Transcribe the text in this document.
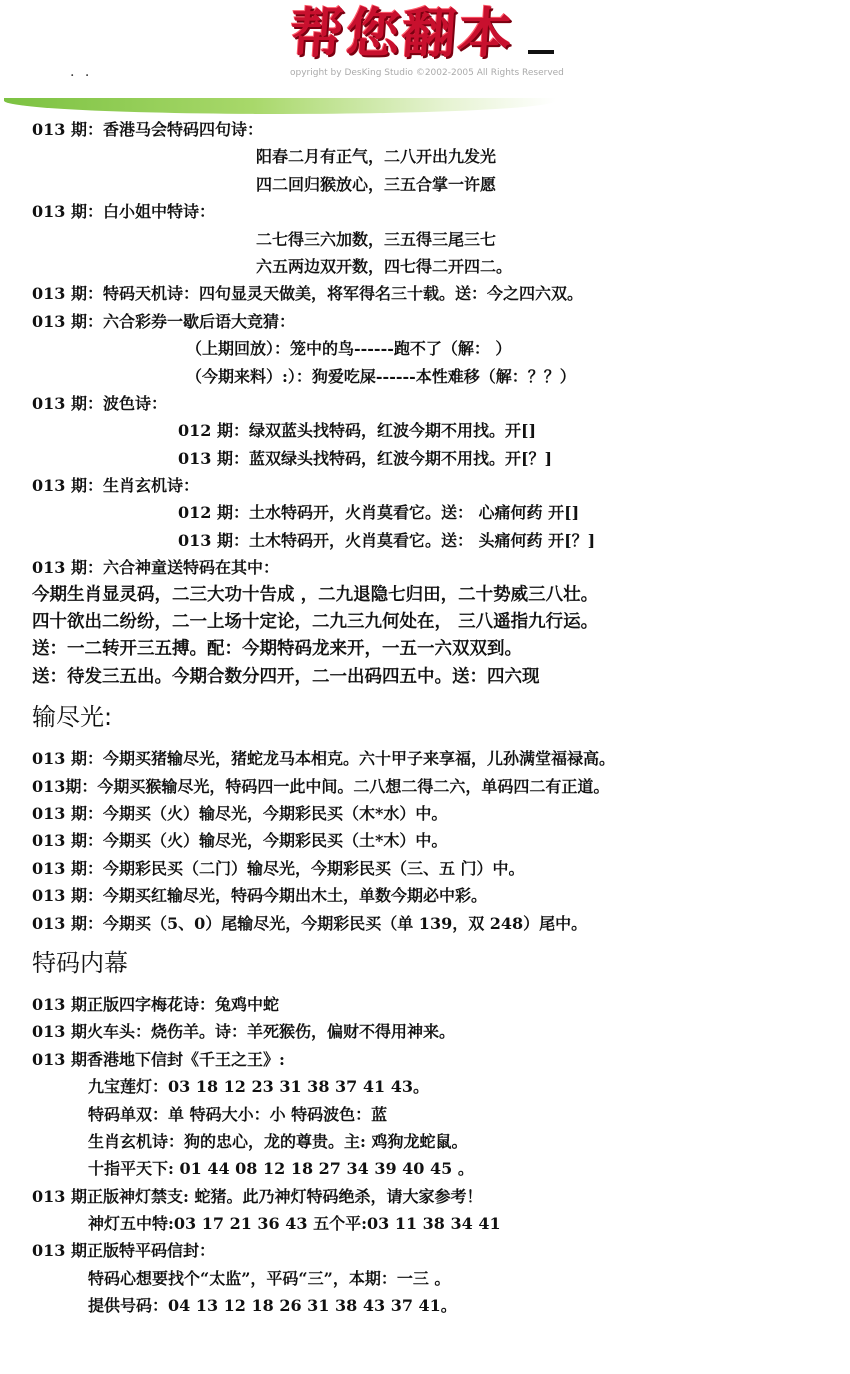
帮您翻本
opyright by DesKing Studio ©2002-2005 All Rights Reserved
. .
013 期：香港马会特码四句诗：
阳春二月有正气，二八开出九发光
四二回归猴放心，三五合掌一许愿
013 期：白小姐中特诗：
二七得三六加数，三五得三尾三七
六五两边双开数，四七得二开四二。
013 期：特码天机诗：四句显灵天做美，将军得名三十载。送：今之四六双。
013 期：六合彩券一歇后语大竞猜：
（上期回放）：笼中的鸟------跑不了（解： ）
（今期来料）:）：狗爱吃屎------本性难移（解：？？）
013 期：波色诗：
012 期：绿双蓝头找特码，红波今期不用找。开[]
013 期：蓝双绿头找特码，红波今期不用找。开[？]
013 期：生肖玄机诗：
012 期：土水特码开，火肖莫看它。送： 心痛何药 开[]
013 期：土木特码开，火肖莫看它。送： 头痛何药 开[？]
013 期：六合神童送特码在其中：
今期生肖显灵码，二三大功十告成 ，二九退隐七归田，二十势威三八壮。
四十欲出二纷纷，二一上场十定论，二九三九何处在， 三八遥指九行运。
送：一二转开三五搏。配：今期特码龙来开，一五一六双双到。
送：待发三五出。今期合数分四开，二一出码四五中。送：四六现
输尽光:
013 期：今期买猪输尽光，猪蛇龙马本相克。六十甲子来享福，儿孙满堂福禄高。
013期：今期买猴输尽光，特码四一此中间。二八想二得二六，单码四二有正道。
013 期：今期买（火）输尽光，今期彩民买（木*水）中。
013 期：今期买（火）输尽光，今期彩民买（土*木）中。
013 期：今期彩民买（二门）输尽光，今期彩民买（三、五 门）中。
013 期：今期买红输尽光，特码今期出木土，单数今期必中彩。
013 期：今期买（5、0）尾输尽光，今期彩民买（单 139，双 248）尾中。
特码内幕
013 期正版四字梅花诗：兔鸡中蛇
013 期火车头：烧伤羊。诗：羊死猴伤，偏财不得用神来。
013 期香港地下信封《千王之王》:
九宝莲灯：03 18 12 23 31 38 37 41 43。
特码单双：单 特码大小：小 特码波色：蓝
生肖玄机诗：狗的忠心，龙的尊贵。主: 鸡狗龙蛇鼠。
十指平天下: 01 44 08 12 18 27 34 39 40 45 。
013 期正版神灯禁支: 蛇猪。此乃神灯特码绝杀，请大家参考！
神灯五中特:03 17 21 36 43 五个平:03 11 38 34 41
013 期正版特平码信封：
特码心想要找个“太监”，平码“三”，本期：一三 。
提供号码：04 13 12 18 26 31 38 43 37 41。
